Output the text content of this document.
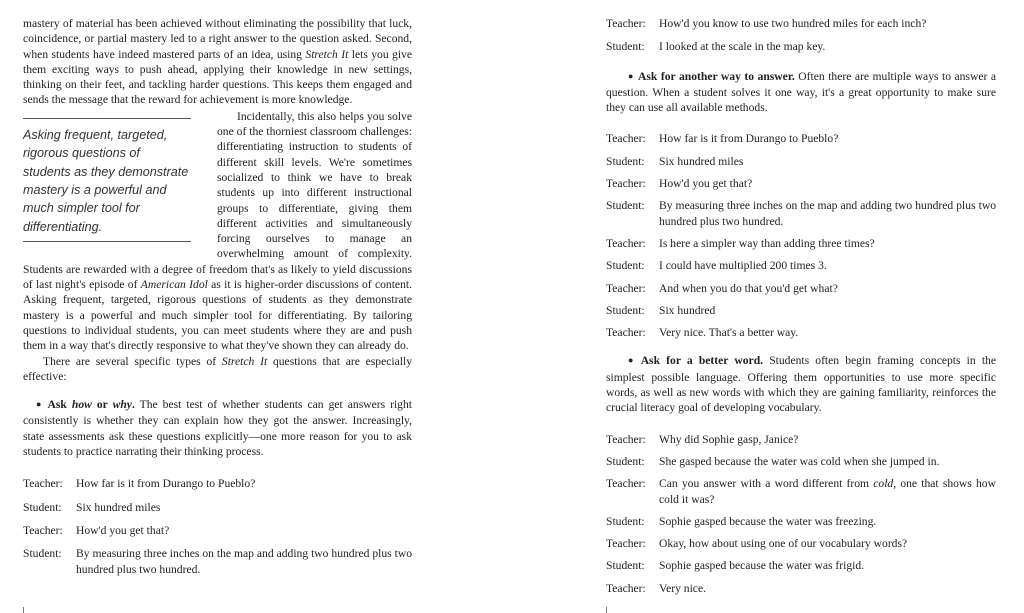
mastery of material has been achieved without eliminating the possibility that luck, coincidence, or partial mastery led to a right answer to the question asked. Second, when students have indeed mastered parts of an idea, using Stretch It lets you give them exciting ways to push ahead, applying their knowledge in new settings, thinking on their feet, and tackling harder questions. This keeps them engaged and sends the message that the reward for achievement is more knowledge.

Asking frequent, targeted, rigorous questions of students as they demonstrate mastery is a powerful and much simpler tool for differentiating.

Incidentally, this also helps you solve one of the thorniest classroom challenges: differentiating instruction to students of different skill levels. We're sometimes socialized to think we have to break students up into different instructional groups to differentiate, giving them different activities and simultaneously forcing ourselves to manage an overwhelming amount of complexity. Students are rewarded with a degree of freedom that's as likely to yield discussions of last night's episode of American Idol as it is higher-order discussions of content. Asking frequent, targeted, rigorous questions of students as they demonstrate mastery is a powerful and much simpler tool for differentiating. By tailoring questions to individual students, you can meet students where they are and push them in a way that's directly responsive to what they've shown they can already do.

There are several specific types of Stretch It questions that are especially effective:

● Ask how or why. The best test of whether students can get answers right consistently is whether they can explain how they got the answer. Increasingly, state assessments ask these questions explicitly—one more reason for you to ask students to practice narrating their thinking process.

Teacher:	How far is it from Durango to Pueblo?
Student:	Six hundred miles
Teacher:	How'd you get that?
Student:	By measuring three inches on the map and adding two hundred plus two hundred plus two hundred.
Teacher:	How'd you know to use two hundred miles for each inch?
Student:	I looked at the scale in the map key.

● Ask for another way to answer. Often there are multiple ways to answer a question. When a student solves it one way, it's a great opportunity to make sure they can use all available methods.

Teacher:	How far is it from Durango to Pueblo?
Student:	Six hundred miles
Teacher:	How'd you get that?
Student:	By measuring three inches on the map and adding two hundred plus two hundred plus two hundred.
Teacher:	Is here a simpler way than adding three times?
Student:	I could have multiplied 200 times 3.
Teacher:	And when you do that you'd get what?
Student:	Six hundred
Teacher:	Very nice. That's a better way.

● Ask for a better word. Students often begin framing concepts in the simplest possible language. Offering them opportunities to use more specific words, as well as new words with which they are gaining familiarity, reinforces the crucial literacy goal of developing vocabulary.

Teacher:	Why did Sophie gasp, Janice?
Student:	She gasped because the water was cold when she jumped in.
Teacher:	Can you answer with a word different from cold, one that shows how cold it was?
Student:	Sophie gasped because the water was freezing.
Teacher:	Okay, how about using one of our vocabulary words?
Student:	Sophie gasped because the water was frigid.
Teacher:	Very nice.
